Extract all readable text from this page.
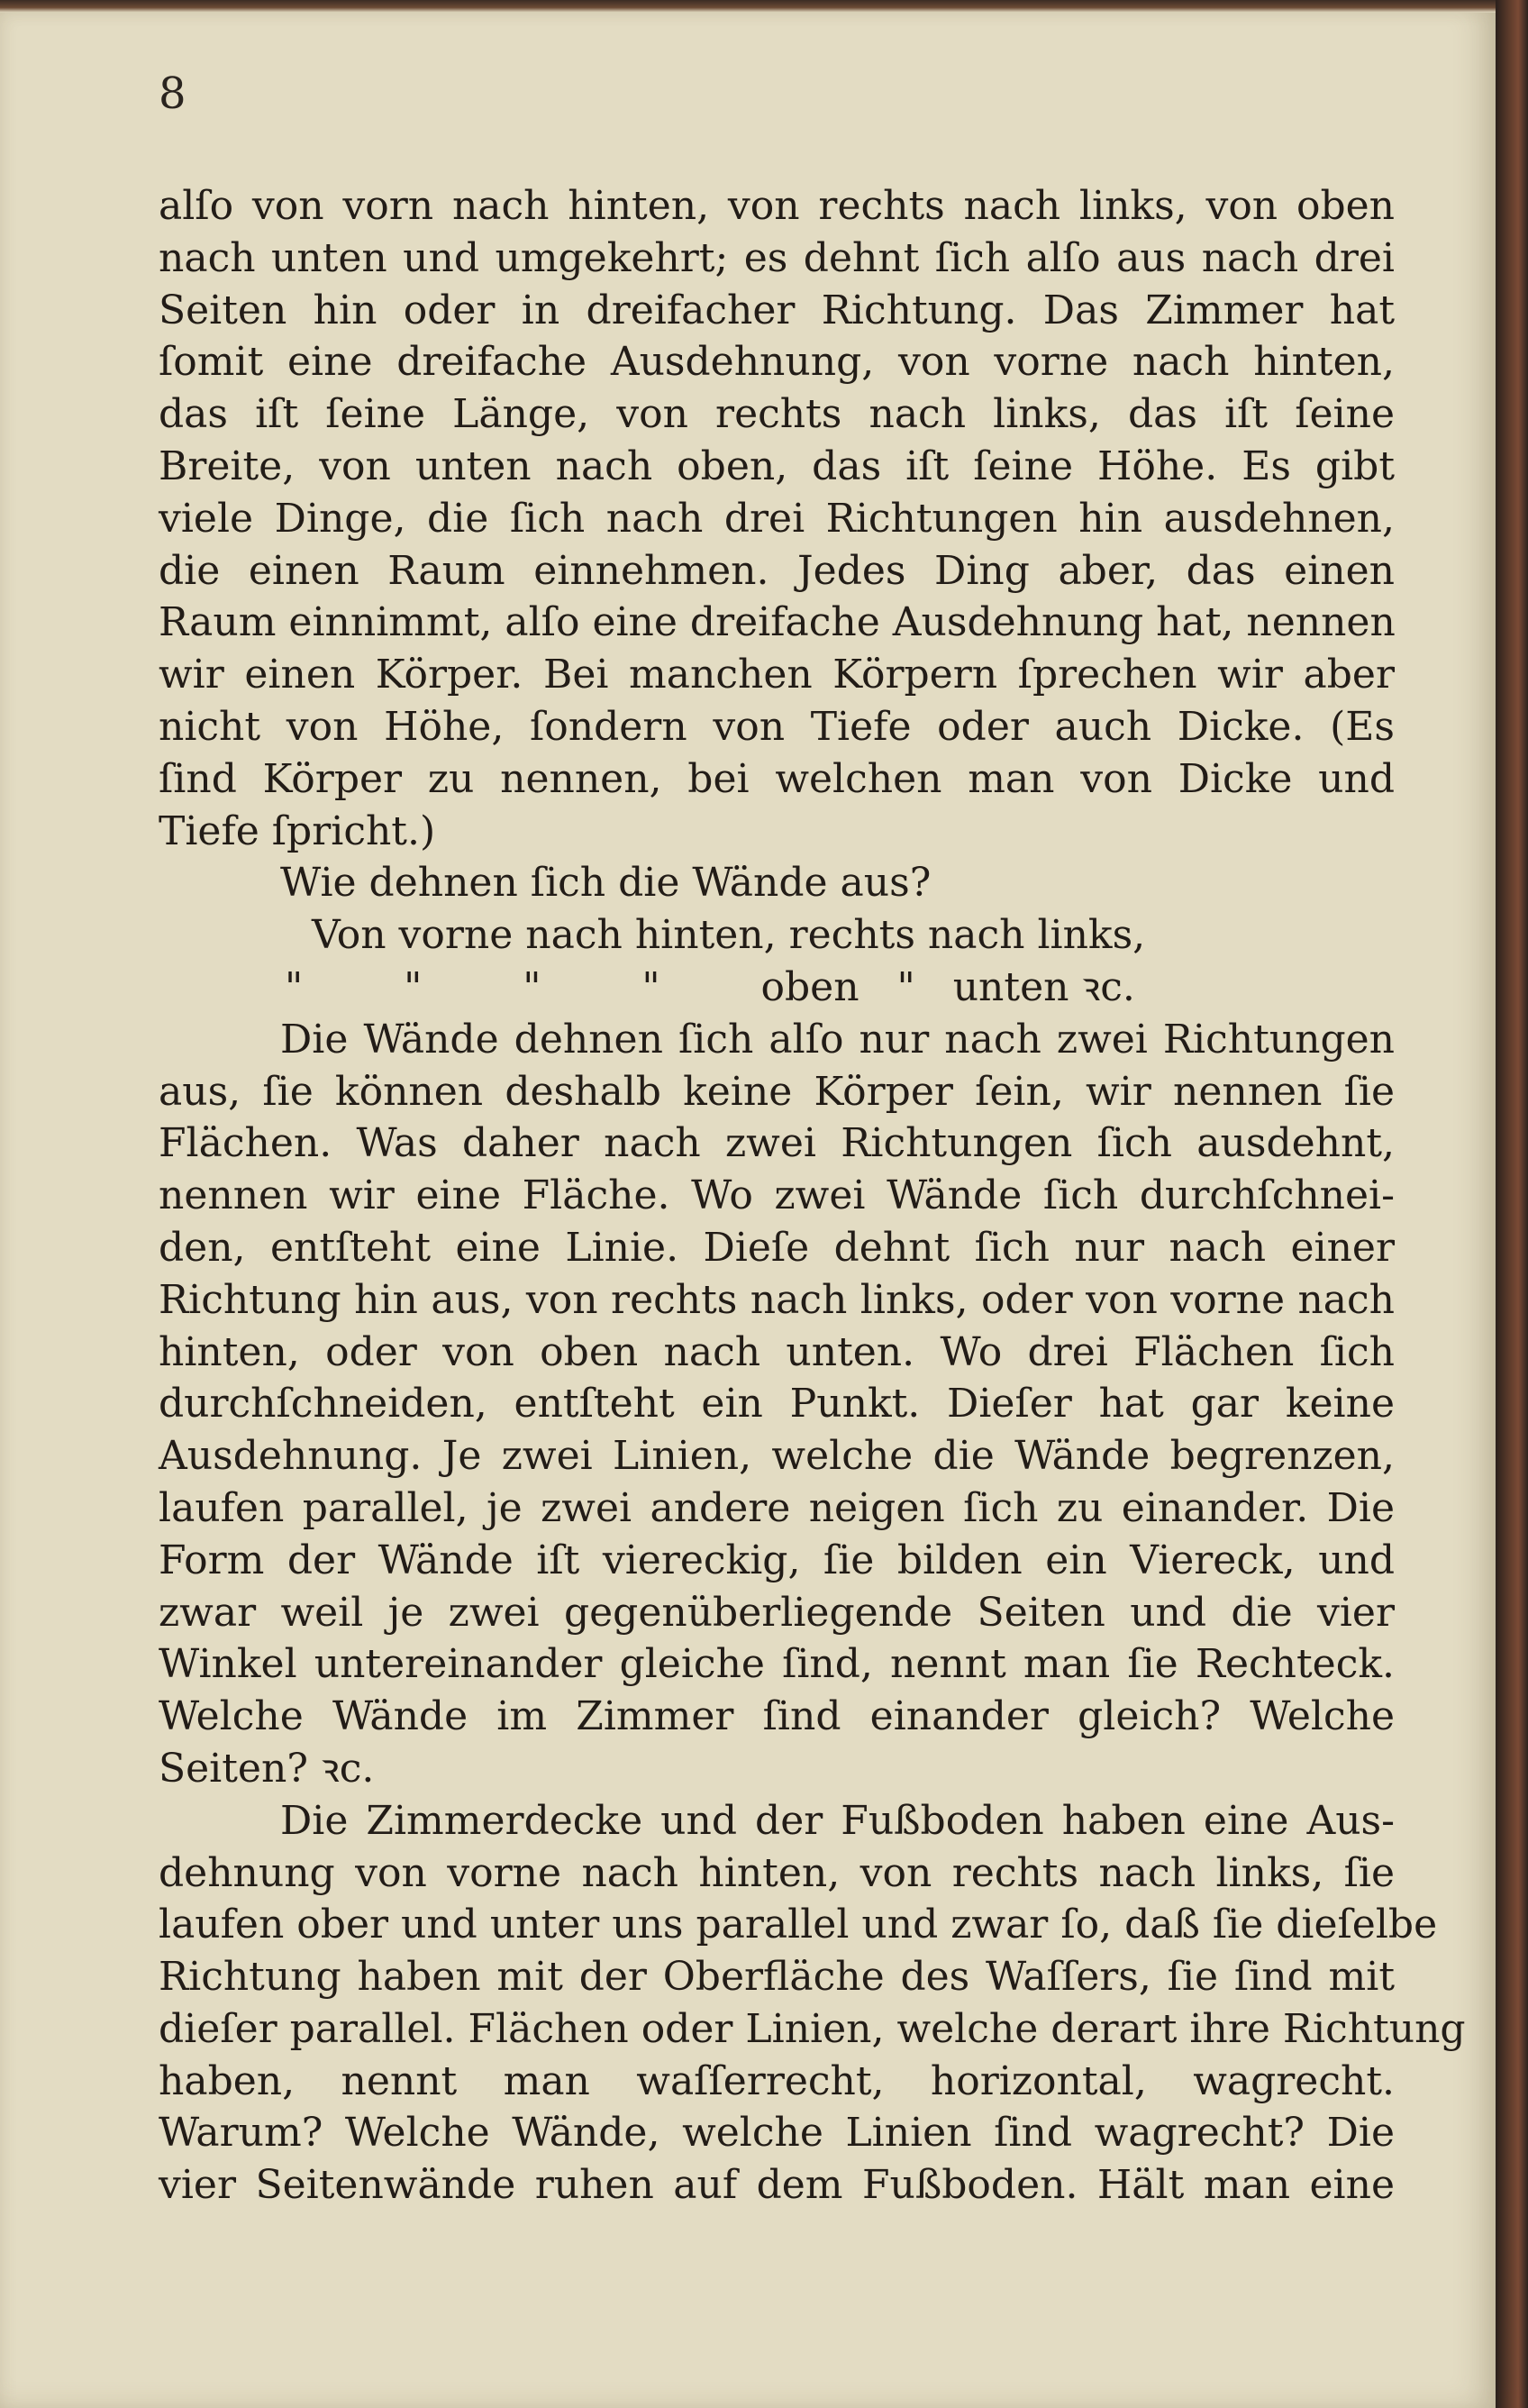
8
alſo von vorn nach hinten, von rechts nach links, von oben
nach unten und umgekehrt; es dehnt ſich alſo aus nach drei
Seiten hin oder in dreifacher Richtung. Das Zimmer hat
ſomit eine dreifache Ausdehnung, von vorne nach hinten,
das iſt ſeine Länge, von rechts nach links, das iſt ſeine
Breite, von unten nach oben, das iſt ſeine Höhe. Es gibt
viele Dinge, die ſich nach drei Richtungen hin ausdehnen,
die einen Raum einnehmen. Jedes Ding aber, das einen
Raum einnimmt, alſo eine dreifache Ausdehnung hat, nennen
wir einen Körper. Bei manchen Körpern ſprechen wir aber
nicht von Höhe, ſondern von Tiefe oder auch Dicke. (Es
ſind Körper zu nennen, bei welchen man von Dicke und
Tiefe ſpricht.)
Wie dehnen ſich die Wände aus?
Von vorne nach hinten, rechts nach links,
"        "        "        "        oben   "   unten ꝛc.
Die Wände dehnen ſich alſo nur nach zwei Richtungen
aus, ſie können deshalb keine Körper ſein, wir nennen ſie
Flächen. Was daher nach zwei Richtungen ſich ausdehnt,
nennen wir eine Fläche. Wo zwei Wände ſich durchſchnei-
den, entſteht eine Linie. Dieſe dehnt ſich nur nach einer
Richtung hin aus, von rechts nach links, oder von vorne nach
hinten, oder von oben nach unten. Wo drei Flächen ſich
durchſchneiden, entſteht ein Punkt. Dieſer hat gar keine
Ausdehnung. Je zwei Linien, welche die Wände begrenzen,
laufen parallel, je zwei andere neigen ſich zu einander. Die
Form der Wände iſt viereckig, ſie bilden ein Viereck, und
zwar weil je zwei gegenüberliegende Seiten und die vier
Winkel untereinander gleiche ſind, nennt man ſie Rechteck.
Welche Wände im Zimmer ſind einander gleich? Welche
Seiten? ꝛc.
Die Zimmerdecke und der Fußboden haben eine Aus-
dehnung von vorne nach hinten, von rechts nach links, ſie
laufen ober und unter uns parallel und zwar ſo, daß ſie dieſelbe
Richtung haben mit der Oberfläche des Waſſers, ſie ſind mit
dieſer parallel. Flächen oder Linien, welche derart ihre Richtung
haben, nennt man waſſerrecht, horizontal, wagrecht.
Warum? Welche Wände, welche Linien ſind wagrecht? Die
vier Seitenwände ruhen auf dem Fußboden. Hält man eine
